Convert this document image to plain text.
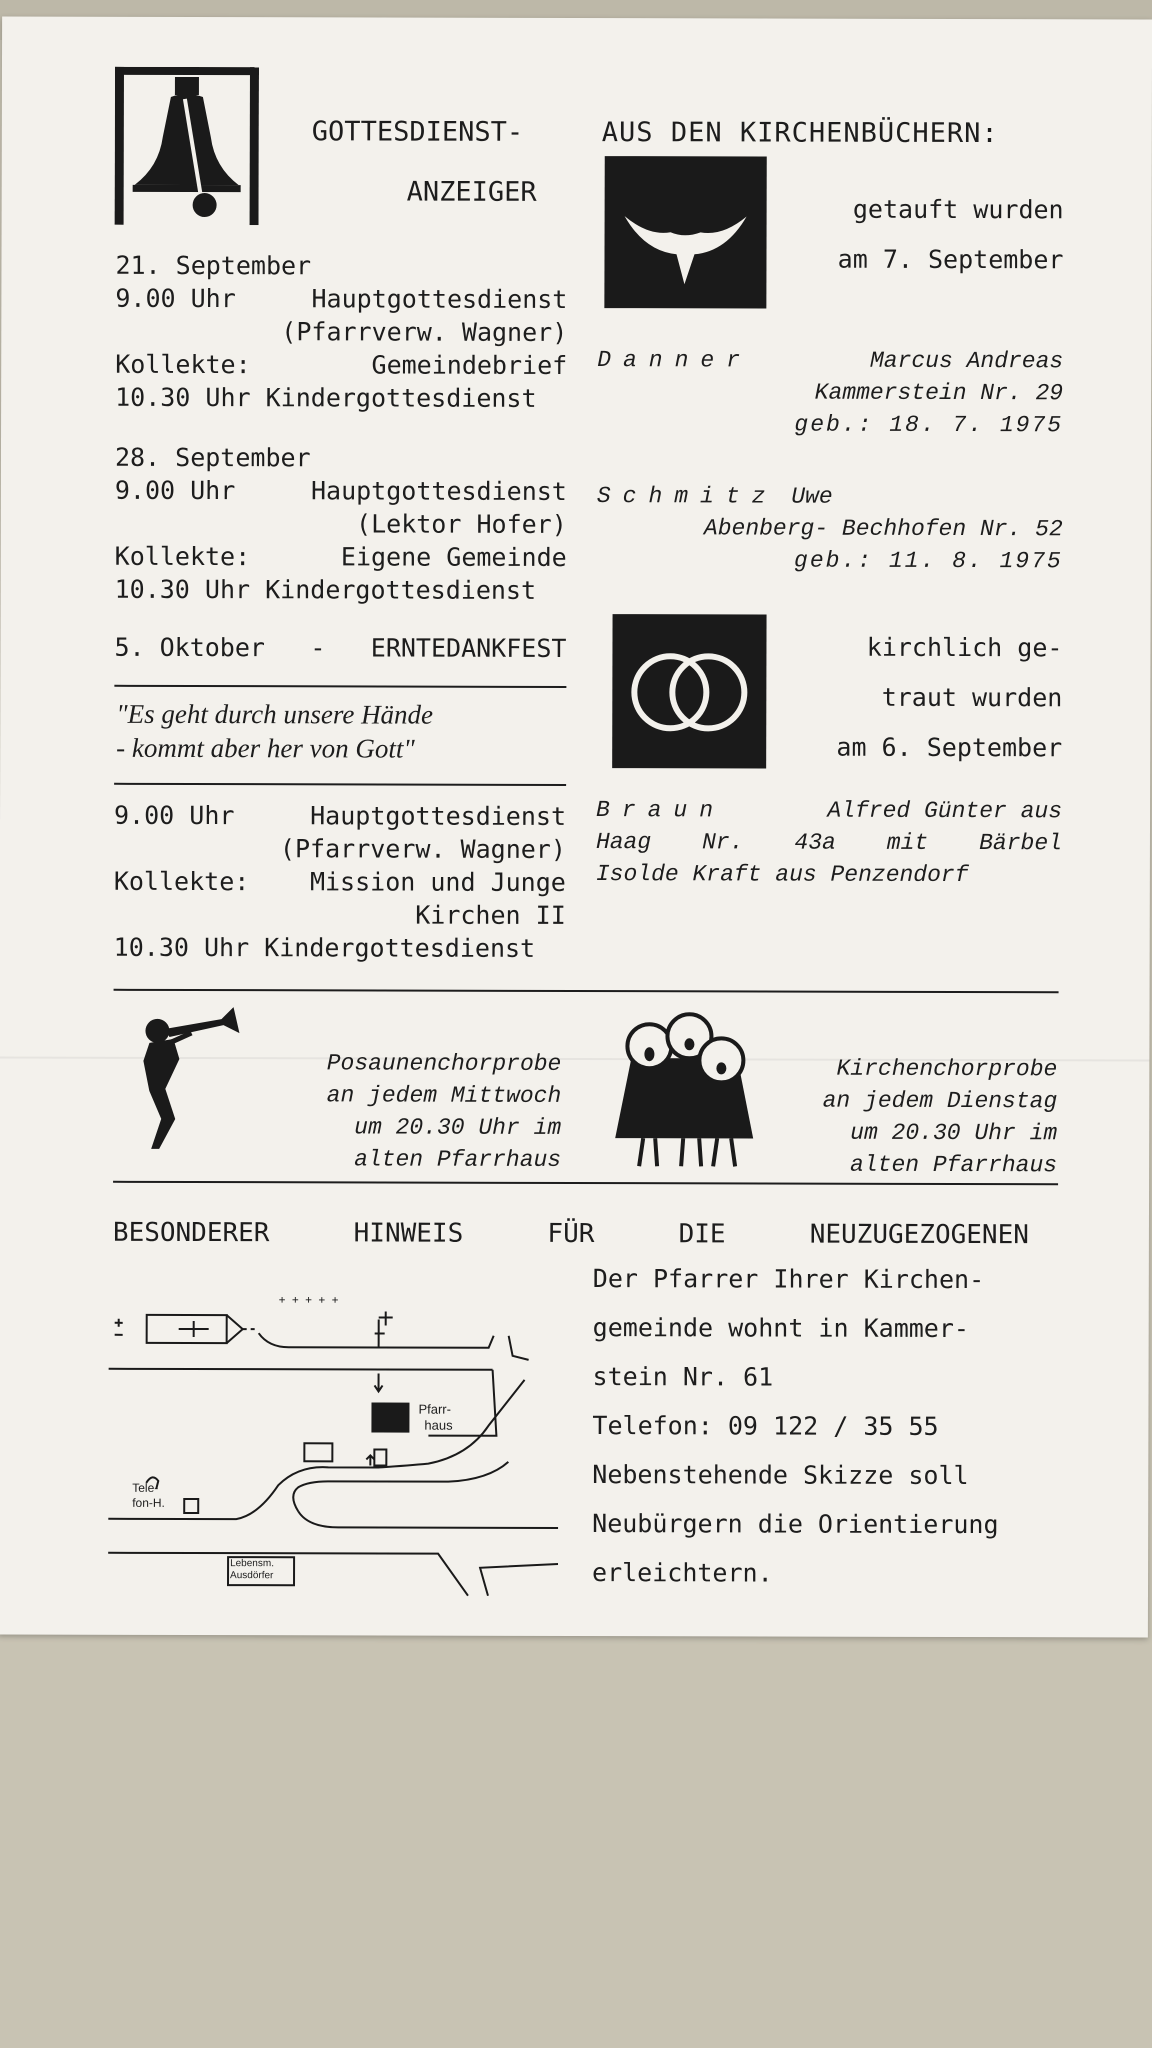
GOTTESDIENST-
ANZEIGER
AUS DEN KIRCHENBÜCHERN:
21. September
9.00 Uhr	Hauptgottesdienst
(Pfarrverw. Wagner)
Kollekte:	Gemeindebrief
10.30 Uhr Kindergottesdienst
28. September
9.00 Uhr	Hauptgottesdienst
(Lektor Hofer)
Kollekte:	Eigene Gemeinde
10.30 Uhr Kindergottesdienst
5. Oktober - ERNTEDANKFEST
"Es geht durch unsere Hände
- kommt aber her von Gott"
9.00 Uhr	Hauptgottesdienst
(Pfarrverw. Wagner)
Kollekte: Mission und Junge
Kirchen II
10.30 Uhr Kindergottesdienst
getauft wurden
am 7. September
Danner	Marcus Andreas
Kammerstein Nr. 29
geb.: 18. 7. 1975
Schmitz Uwe
Abenberg- Bechhofen Nr. 52
geb.: 11. 8. 1975
kirchlich ge-
traut wurden
am 6. September
Braun	Alfred Günter aus
Haag Nr. 43a mit Bärbel
Isolde Kraft aus Penzendorf
Posaunenchorprobe
an jedem Mittwoch
um 20.30 Uhr im
alten Pfarrhaus
Kirchenchorprobe
an jedem Dienstag
um 20.30 Uhr im
alten Pfarrhaus
BESONDERER	HINWEIS	FÜR	DIE	NEUZUGEZOGENEN
Der Pfarrer Ihrer Kirchen-
gemeinde wohnt in Kammer-
stein Nr. 61
Telefon: 09 122 / 35 55
Nebenstehende Skizze soll
Neubürgern die Orientierung
erleichtern.
Pfarr-
haus
Tele-
fon-H.
Lebensm.
Ausdörfer
+ + + + +
